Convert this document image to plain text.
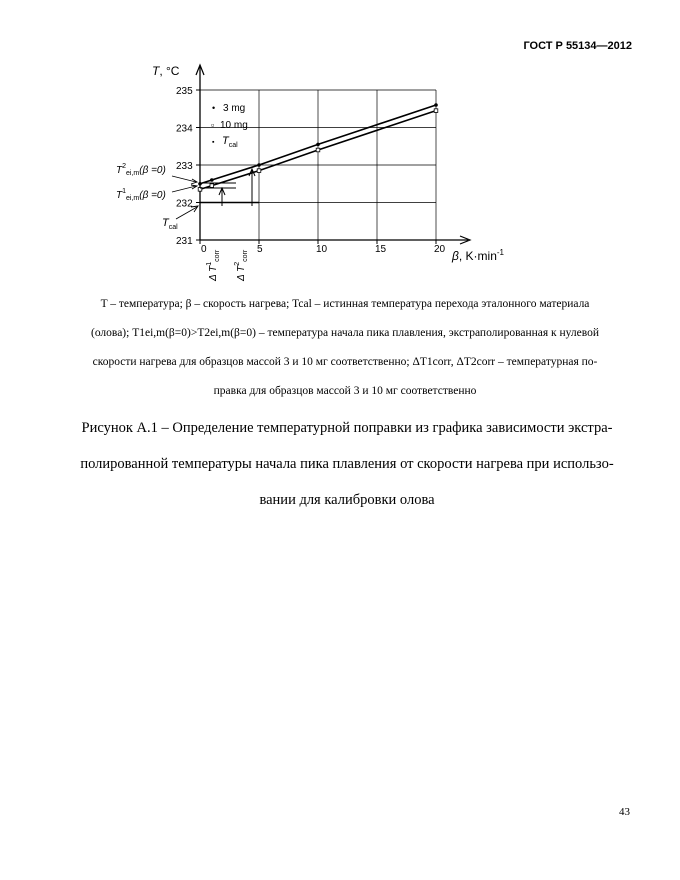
ГОСТ Р 55134—2012
0	5	10	15	20
231
232
233
234
235
T, °C
β, $K\cdot\min^{-1}$
• 3 mg
▫ 10 mg
▪ $T_{cal}$
$T^2_{ei,m}(\beta =0)$
$T^1_{ei,m}(\beta =0)$
$T_{cal}$
Δ $T^1_{corr}$
Δ $T^2_{corr}$
T – температура; β – скорость нагрева; Tcal – истинная температура перехода эталонного материала
(олова); T1ei,m(β=0)>T2ei,m(β=0) – температура начала пика плавления, экстраполированная к нулевой
скорости нагрева для образцов массой 3 и 10 мг соответственно; ΔT1corr, ΔT2corr – температурная по-
правка для образцов массой 3 и 10 мг соответственно
Рисунок А.1 – Определение температурной поправки из графика зависимости экстра-
полированной температуры начала пика плавления от скорости нагрева при использо-
вании для калибровки олова
43
